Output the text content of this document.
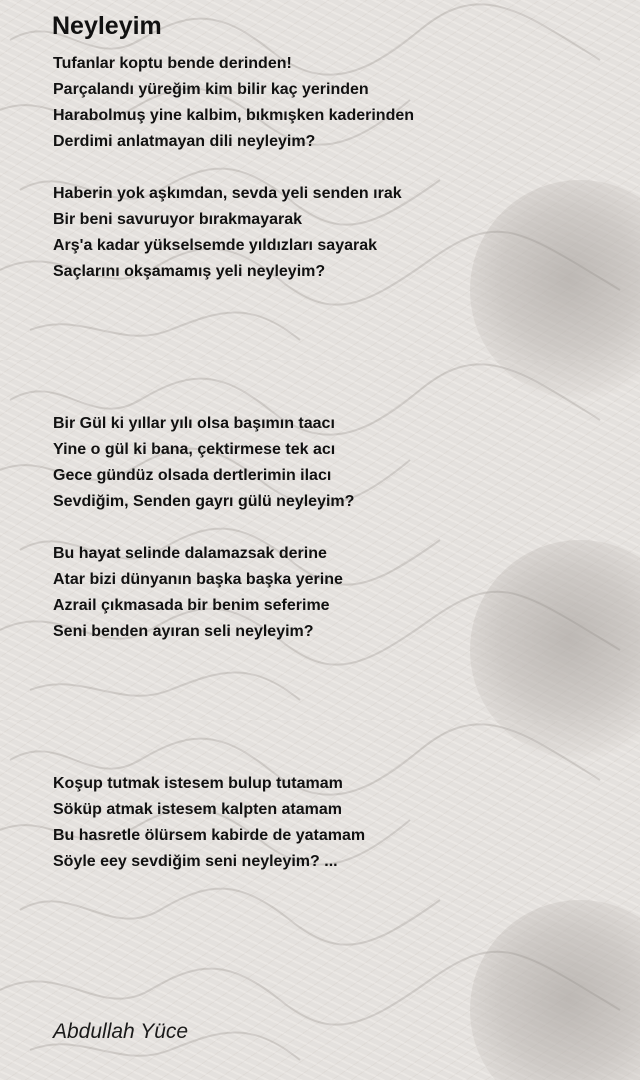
Neyleyim
Tufanlar koptu bende derinden!
Parçalandı yüreğim kim bilir kaç yerinden
Harabolmuş yine kalbim, bıkmışken kaderinden
Derdimi anlatmayan dili neyleyim?
Haberin yok aşkımdan, sevda yeli senden ırak
Bir beni savuruyor bırakmayarak
Arş'a kadar yükselsemde yıldızları sayarak
Saçlarını okşamamış yeli neyleyim?
Bir Gül ki yıllar yılı olsa başımın taacı
Yine o gül ki bana, çektirmese tek acı
Gece gündüz olsada dertlerimin ilacı
Sevdiğim, Senden gayrı gülü neyleyim?
Bu hayat selinde dalamazsak derine
Atar bizi dünyanın başka başka yerine
Azrail çıkmasada bir benim seferime
Seni benden ayıran seli neyleyim?
Koşup tutmak istesem bulup tutamam
Söküp atmak istesem kalpten atamam
Bu hasretle ölürsem kabirde de yatamam
Söyle eey sevdiğim seni neyleyim? ...
Abdullah Yüce
